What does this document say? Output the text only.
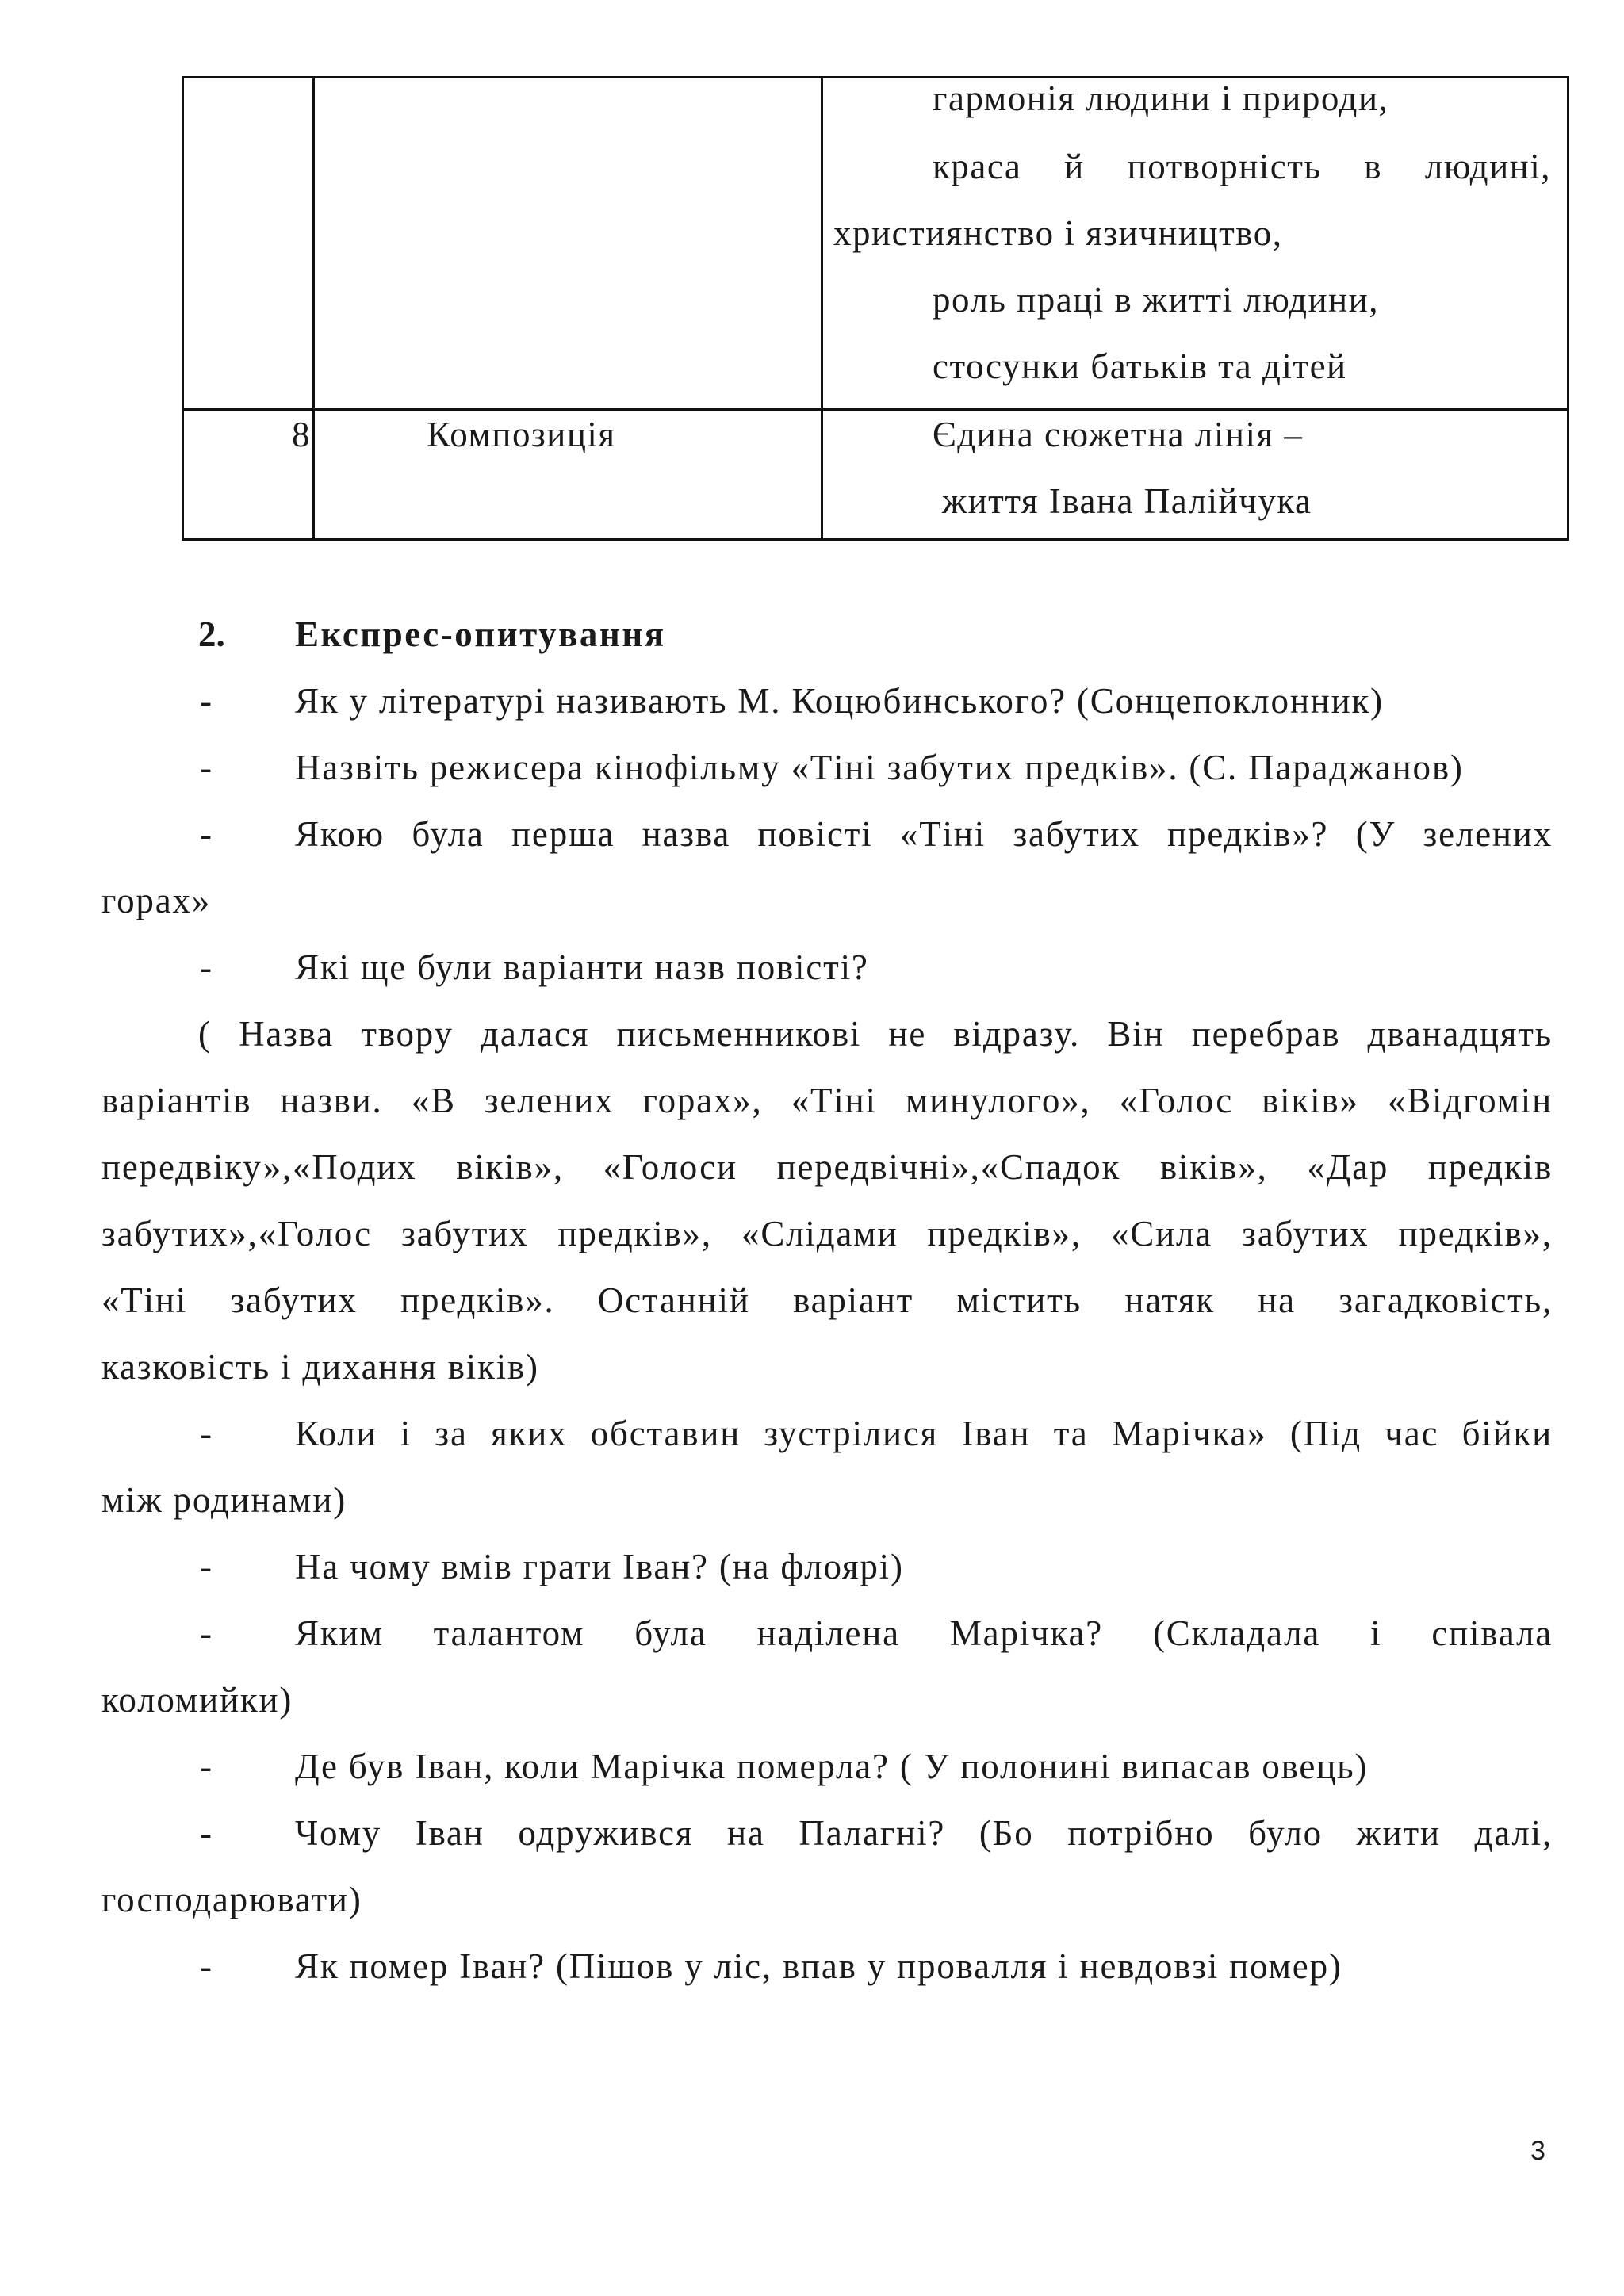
гармонія людини і природи,
краса й потворність в людині,
християнство і язичництво,
роль праці в житті людини,
стосунки батьків та дітей
8	Композиція	Єдина сюжетна лінія –
життя Івана Палійчука
2. Експрес-опитування
- Як у літературі називають М. Коцюбинського? (Сонцепоклонник)
- Назвіть режисера кінофільму «Тіні забутих предків». (С. Параджанов)
- Якою була перша назва повісті «Тіні забутих предків»? (У зелених
горах»
- Які ще були варіанти назв повісті?
( Назва твору далася письменникові не відразу. Він перебрав дванадцять
варіантів назви. «В зелених горах», «Тіні минулого», «Голос віків» «Відгомін
передвіку»,«Подих віків», «Голоси передвічні»,«Спадок віків», «Дар предків
забутих»,«Голос забутих предків», «Слідами предків», «Сила забутих предків»,
«Тіні забутих предків». Останній варіант містить натяк на загадковість,
казковість і дихання віків)
- Коли і за яких обставин зустрілися Іван та Марічка» (Під час бійки
між родинами)
- На чому вмів грати Іван? (на флоярі)
- Яким талантом була наділена Марічка? (Складала і співала
коломийки)
- Де був Іван, коли Марічка померла? ( У полонині випасав овець)
- Чому Іван одружився на Палагні? (Бо потрібно було жити далі,
господарювати)
- Як помер Іван? (Пішов у ліс, впав у провалля і невдовзі помер)
3
